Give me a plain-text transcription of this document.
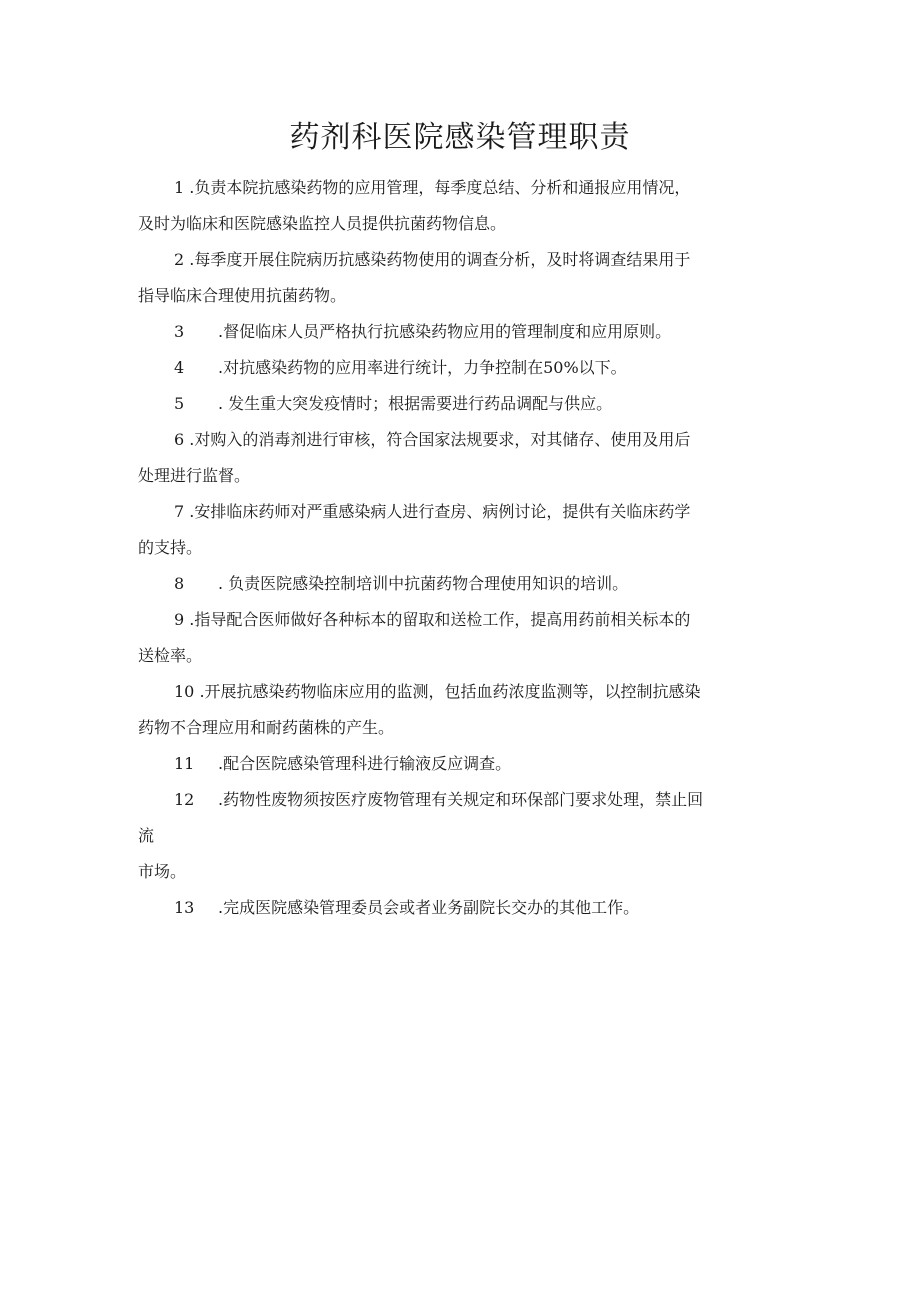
药剂科医院感染管理职责

1 .负责本院抗感染药物的应用管理，每季度总结、分析和通报应用情况，
及时为临床和医院感染监控人员提供抗菌药物信息。

2 .每季度开展住院病历抗感染药物使用的调查分析，及时将调查结果用于
指导临床合理使用抗菌药物。

3 .督促临床人员严格执行抗感染药物应用的管理制度和应用原则。

4 .对抗感染药物的应用率进行统计，力争控制在50%以下。

5 . 发生重大突发疫情时；根据需要进行药品调配与供应。

6 .对购入的消毒剂进行审核，符合国家法规要求，对其储存、使用及用后
处理进行监督。

7 .安排临床药师对严重感染病人进行查房、病例讨论，提供有关临床药学
的支持。

8 . 负责医院感染控制培训中抗菌药物合理使用知识的培训。

9 .指导配合医师做好各种标本的留取和送检工作，提高用药前相关标本的
送检率。

10 .开展抗感染药物临床应用的监测，包括血药浓度监测等，以控制抗感染
药物不合理应用和耐药菌株的产生。

11 .配合医院感染管理科进行输液反应调查。

12 .药物性废物须按医疗废物管理有关规定和环保部门要求处理，禁止回
流
市场。

13 .完成医院感染管理委员会或者业务副院长交办的其他工作。
